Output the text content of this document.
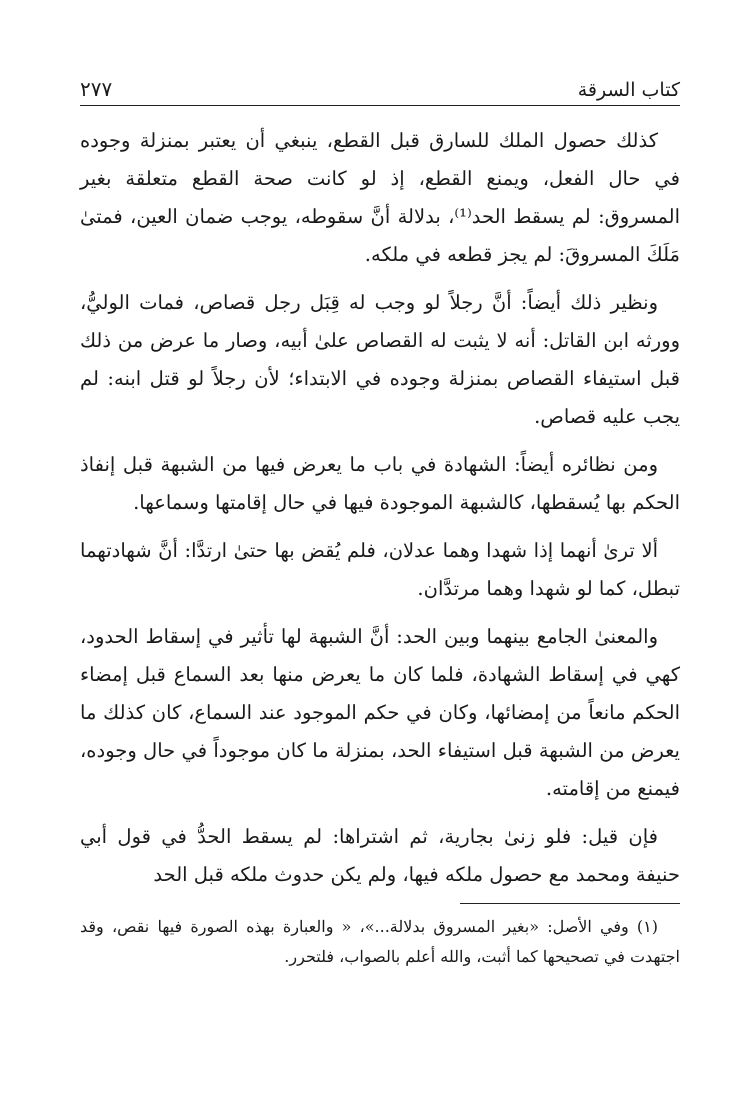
كتاب السرقة
٢٧٧

كذلك حصول الملك للسارق قبل القطع، ينبغي أن يعتبر بمنزلة وجوده في حال الفعل، ويمنع القطع، إذ لو كانت صحة القطع متعلقة بغير المسروق: لم يسقط الحد⁽¹⁾، بدلالة أنَّ سقوطه، يوجب ضمان العين، فمتىٰ مَلَكَ المسروقَ: لم يجز قطعه في ملكه.

ونظير ذلك أيضاً: أنَّ رجلاً لو وجب له قِبَل رجل قصاص، فمات الوليُّ، وورثه ابن القاتل: أنه لا يثبت له القصاص علىٰ أبيه، وصار ما عرض من ذلك قبل استيفاء القصاص بمنزلة وجوده في الابتداء؛ لأن رجلاً لو قتل ابنه: لم يجب عليه قصاص.

ومن نظائره أيضاً: الشهادة في باب ما يعرض فيها من الشبهة قبل إنفاذ الحكم بها يُسقطها، كالشبهة الموجودة فيها في حال إقامتها وسماعها.

ألا ترىٰ أنهما إذا شهدا وهما عدلان، فلم يُقض بها حتىٰ ارتدَّا: أنَّ شهادتهما تبطل، كما لو شهدا وهما مرتدَّان.

والمعنىٰ الجامع بينهما وبين الحد: أنَّ الشبهة لها تأثير في إسقاط الحدود، كهي في إسقاط الشهادة، فلما كان ما يعرض منها بعد السماع قبل إمضاء الحكم مانعاً من إمضائها، وكان في حكم الموجود عند السماع، كان كذلك ما يعرض من الشبهة قبل استيفاء الحد، بمنزلة ما كان موجوداً في حال وجوده، فيمنع من إقامته.

فإن قيل: فلو زنىٰ بجارية، ثم اشتراها: لم يسقط الحدُّ في قول أبي حنيفة ومحمد مع حصول ملكه فيها، ولم يكن حدوث ملكه قبل الحد

(١) وفي الأصل: «بغير المسروق بدلالة...»، « والعبارة بهذه الصورة فيها نقص، وقد اجتهدت في تصحيحها كما أثبت، والله أعلم بالصواب، فلتحرر.
